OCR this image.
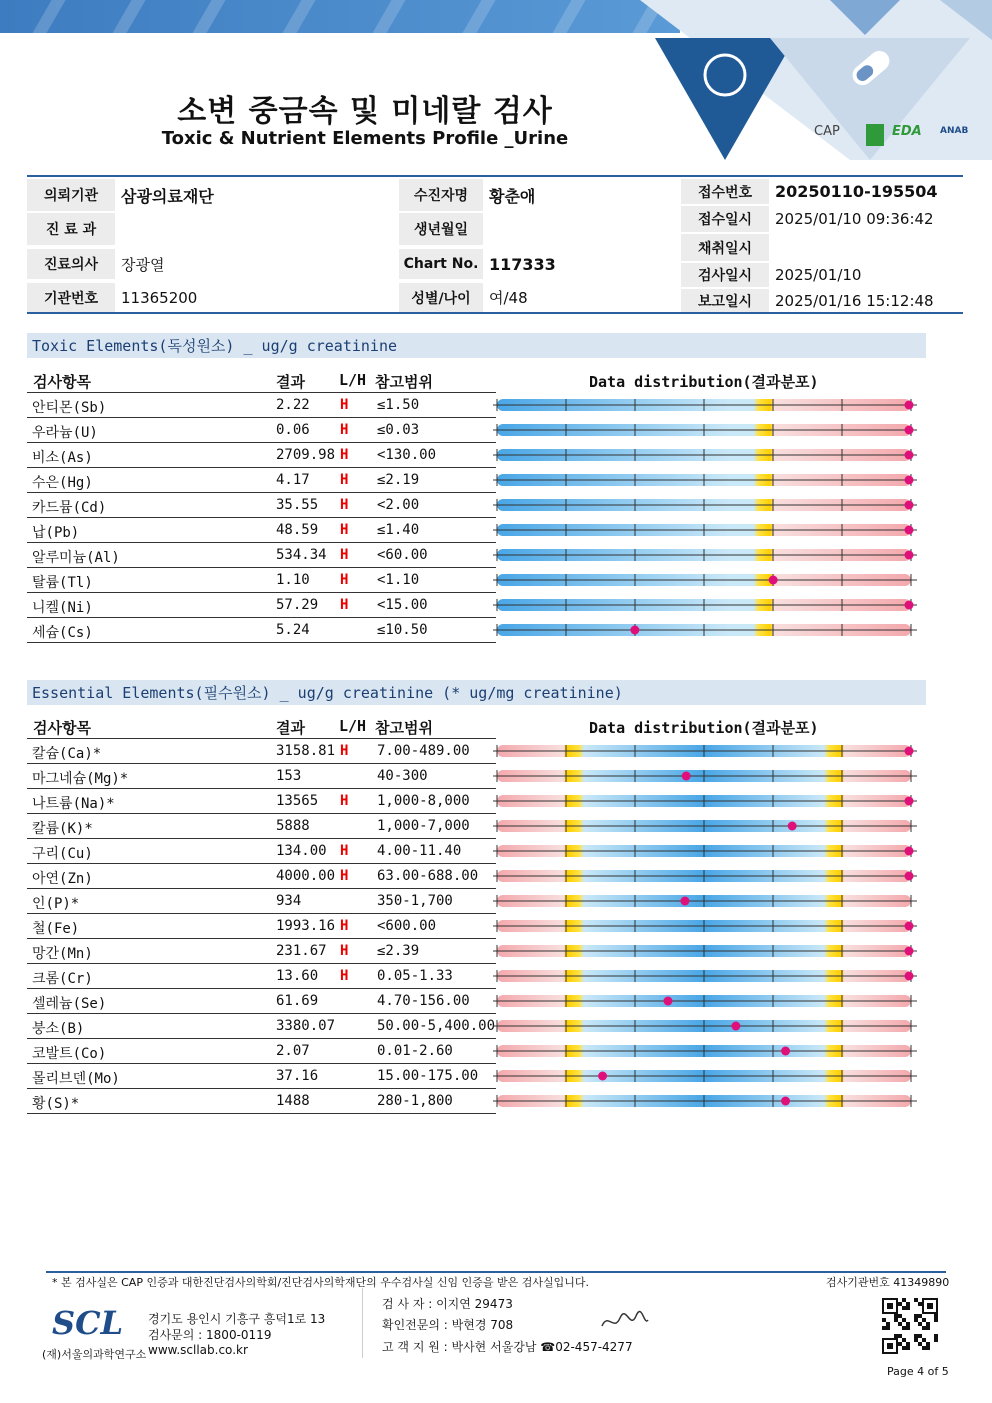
소변 중금속 및 미네랄 검사
Toxic & Nutrient Elements Profile _Urine	CAP	EDA ANAB
의뢰기관	삼광의료재단
진 료 과
진료의사	장광열
기관번호	11365200
수진자명	황춘애
생년월일
Chart No. 117333
성별/나이	여/48
접수번호	20250110-195504
접수일시	2025/01/10 09:36:42
채취일시
검사일시	2025/01/10
보고일시	2025/01/16 15:12:48
Toxic Elements(독성원소) _ ug/g creatinine
검사항목	결과 L/H 참고범위	Data distribution(결과분포)
안티몬(Sb)	2.22 H ≤1.50
우라늄(U)	0.06 H ≤0.03
비소(As)	2709.98 H <130.00
수은(Hg)	4.17 H ≤2.19
카드뮴(Cd)	35.55 H <2.00
납(Pb)	48.59 H ≤1.40
알루미늄(Al)	534.34 H <60.00
탈륨(Tl)	1.10 H <1.10
니켈(Ni)	57.29 H <15.00
세슘(Cs)	5.24	≤10.50
Essential Elements(필수원소) _ ug/g creatinine (* ug/mg creatinine)
검사항목	결과 L/H 참고범위	Data distribution(결과분포)
칼슘(Ca)*	3158.81 H 7.00-489.00
마그네슘(Mg)*	153	40-300
나트륨(Na)*	13565 H 1,000-8,000
칼륨(K)*	5888	1,000-7,000
구리(Cu)	134.00 H 4.00-11.40
아연(Zn)	4000.00 H 63.00-688.00
인(P)*	934	350-1,700
철(Fe)	1993.16 H <600.00
망간(Mn)	231.67 H ≤2.39
크롬(Cr)	13.60 H 0.05-1.33
셀레늄(Se)	61.69	4.70-156.00
붕소(B)	3380.07	50.00-5,400.00
코발트(Co)	2.07	0.01-2.60
몰리브덴(Mo)	37.16	15.00-175.00
황(S)*	1488	280-1,800
* 본 검사실은 CAP 인증과 대한진단검사의학회/진단검사의학재단의 우수검사실 신임 인증을 받은 검사실입니다.	검사기관번호 41349890
SCL
(재)서울의과학연구소
경기도 용인시 기흥구 흥덕1로 13
검사문의 : 1800-0119
www.scllab.co.kr
검 사 자 : 이지연 29473
확인전문의 : 박현경 708
고 객 지 원 : 박사현 서울강남 ☎02-457-4277
Page 4 of 5
